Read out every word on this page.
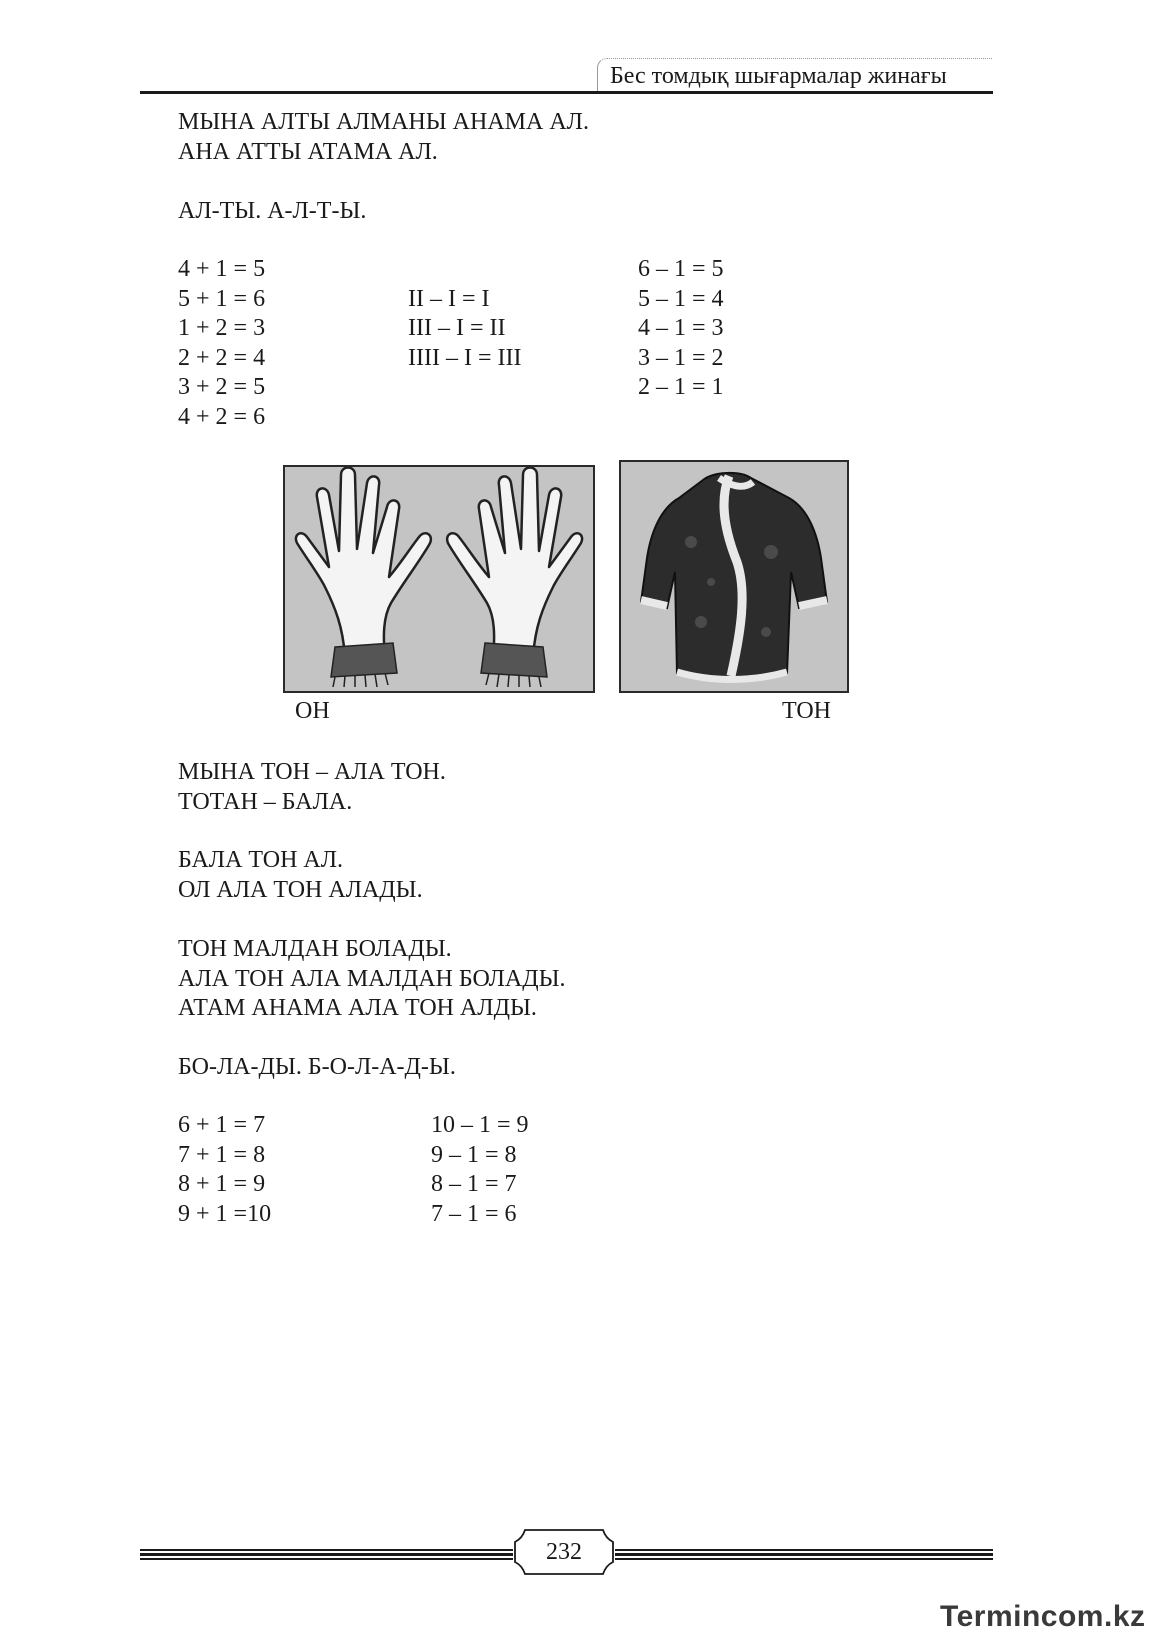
Бес томдық шығармалар жинағы
МЫНА АЛТЫ АЛМАНЫ АНАМА АЛ.
АНА АТТЫ АТАМА АЛ.
АЛ-ТЫ. А-Л-Т-Ы.
4 + 1 = 5
5 + 1 = 6
1 + 2 = 3
2 + 2 = 4
3 + 2 = 5
4 + 2 = 6
II – I = I
III – I = II
IIII – I = III
6 – 1 = 5
5 – 1 = 4
4 – 1 = 3
3 – 1 = 2
2 – 1 = 1
ОН	ТОН
МЫНА ТОН – АЛА ТОН.
ТОТАН – БАЛА.
БАЛА ТОН АЛ.
ОЛ АЛА ТОН АЛАДЫ.
ТОН МАЛДАН БОЛАДЫ.
АЛА ТОН АЛА МАЛДАН БОЛАДЫ.
АТАМ АНАМА АЛА ТОН АЛДЫ.
БО-ЛА-ДЫ. Б-О-Л-А-Д-Ы.
6 + 1 = 7
7 + 1 = 8
8 + 1 = 9
9 + 1 =10
10 – 1 = 9
9 – 1 = 8
8 – 1 = 7
7 – 1 = 6
232
Termincom.kz
